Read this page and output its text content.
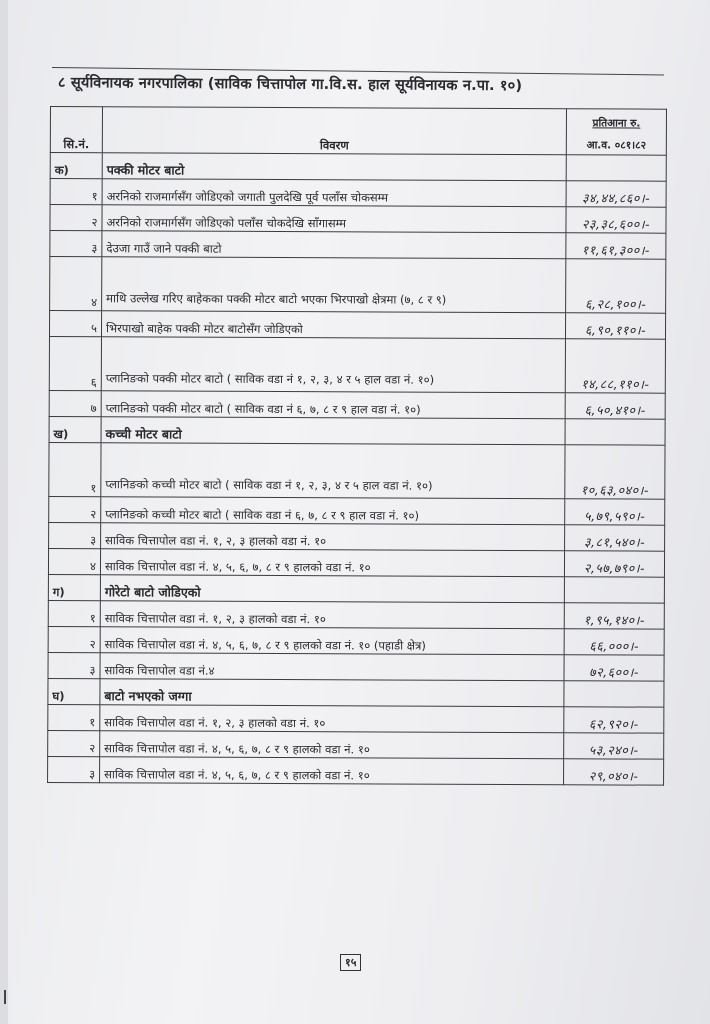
८ सूर्यविनायक नगरपालिका (साविक चित्तापोल गा.वि.स. हाल सूर्यविनायक न.पा. १०)
सि.नं.	विवरण	प्रतिआना रु.
आ.व. ०८१।८२

क)	पक्की मोटर बाटो	
१	अरनिको राजमार्गसँग जोडिएको जगाती पुलदेखि पूर्व पलाँस चोकसम्म	३४,४४,८६०।-
२	अरनिको राजमार्गसँग जोडिएको पलाँस चोकदेखि साँगासम्म	२३,३८,६००।-
३	देउजा गाउँ जाने पक्की बाटो	११,६१,३००।-
४	माथि उल्लेख गरिए बाहेकका पक्की मोटर बाटो भएका भिरपाखो क्षेत्रमा (७, ८ र ९)	६,२८,१००।-
५	भिरपाखो बाहेक पक्की मोटर बाटोसँग जोडिएको	६,९०,११०।-
६	प्लानिङको पक्की मोटर बाटो ( साविक वडा नं १, २, ३, ४ र ५ हाल वडा नं. १०)	१४,८८,११०।-
७	प्लानिङको पक्की मोटर बाटो ( साविक वडा नं ६, ७, ८ र ९ हाल वडा नं. १०)	६,५०,४१०।-
ख)	कच्ची मोटर बाटो	
१	प्लानिङको कच्ची मोटर बाटो ( साविक वडा नं १, २, ३, ४ र ५ हाल वडा नं. १०)	१०,६३,०४०।-
२	प्लानिङको कच्ची मोटर बाटो ( साविक वडा नं ६, ७, ८ र ९ हाल वडा नं. १०)	५,७९,५९०।-
३	साविक चित्तापोल वडा नं. १, २, ३ हालको वडा नं. १०	३,८१,५४०।-
४	साविक चित्तापोल वडा नं. ४, ५, ६, ७, ८ र ९ हालको वडा नं. १०	२,५७,७९०।-
ग)	गोरेटो बाटो जोडिएको	
१	साविक चित्तापोल वडा नं. १, २, ३ हालको वडा नं. १०	१,९५,१४०।-
२	साविक चित्तापोल वडा नं. ४, ५, ६, ७, ८ र ९ हालको वडा नं. १० (पहाडी क्षेत्र)	६६,०००।-
३	साविक चित्तापोल वडा नं.४	७२,६००।-
घ)	बाटो नभएको जग्गा	
१	साविक चित्तापोल वडा नं. १, २, ३ हालको वडा नं. १०	६२,९२०।-
२	साविक चित्तापोल वडा नं. ४, ५, ६, ७, ८ र ९ हालको वडा नं. १०	५३,२४०।-
३	साविक चित्तापोल वडा नं. ४, ५, ६, ७, ८ र ९ हालको वडा नं. १०	२९,०४०।-
१५
